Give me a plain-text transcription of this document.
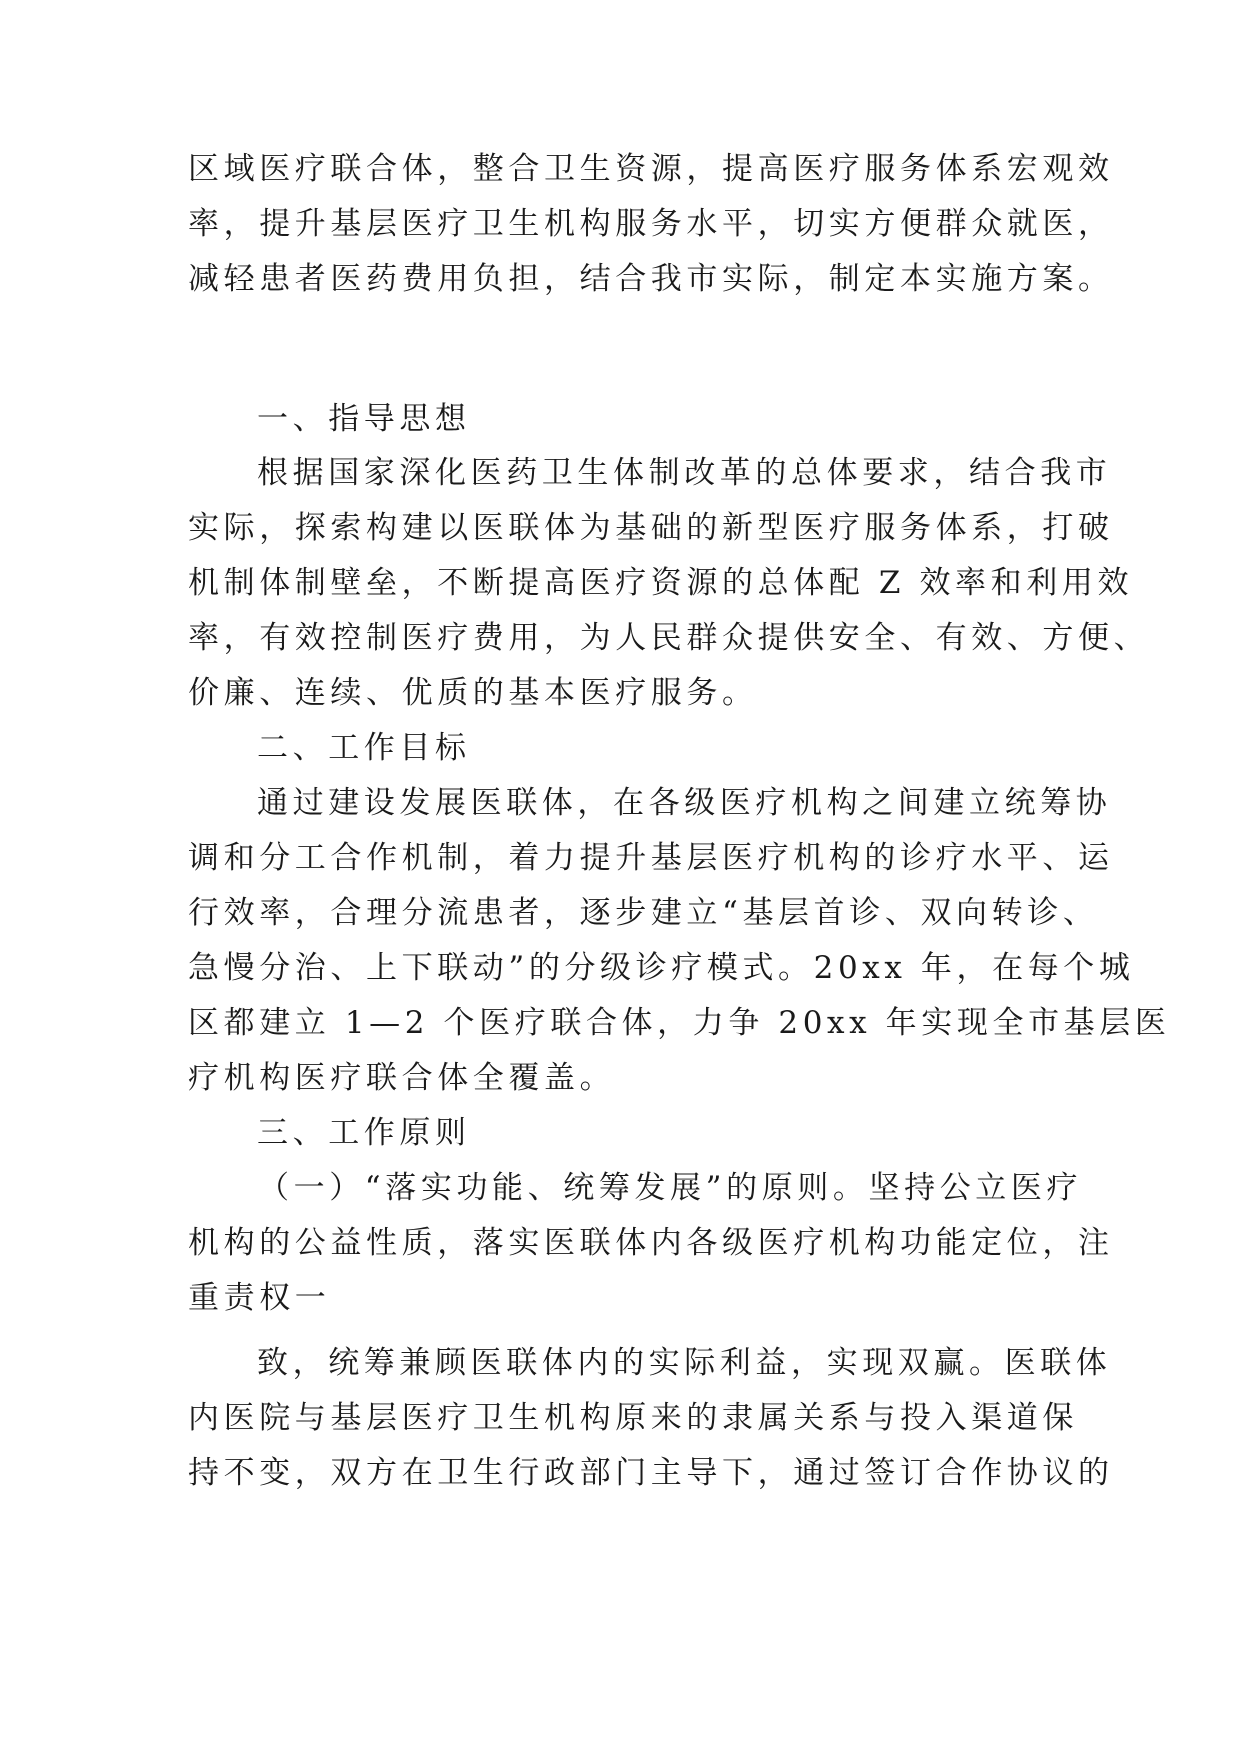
区域医疗联合体，整合卫生资源，提高医疗服务体系宏观效
率，提升基层医疗卫生机构服务水平，切实方便群众就医，
减轻患者医药费用负担，结合我市实际，制定本实施方案。
一、指导思想
根据国家深化医药卫生体制改革的总体要求，结合我市
实际，探索构建以医联体为基础的新型医疗服务体系，打破
机制体制壁垒，不断提高医疗资源的总体配 Z 效率和利用效
率，有效控制医疗费用，为人民群众提供安全、有效、方便、
价廉、连续、优质的基本医疗服务。
二、工作目标
通过建设发展医联体，在各级医疗机构之间建立统筹协
调和分工合作机制，着力提升基层医疗机构的诊疗水平、运
行效率，合理分流患者，逐步建立“基层首诊、双向转诊、
急慢分治、上下联动”的分级诊疗模式。20xx 年，在每个城
区都建立 1—2 个医疗联合体，力争 20xx 年实现全市基层医
疗机构医疗联合体全覆盖。
三、工作原则
（一）“落实功能、统筹发展”的原则。坚持公立医疗
机构的公益性质，落实医联体内各级医疗机构功能定位，注
重责权一
致，统筹兼顾医联体内的实际利益，实现双赢。医联体
内医院与基层医疗卫生机构原来的隶属关系与投入渠道保
持不变，双方在卫生行政部门主导下，通过签订合作协议的
